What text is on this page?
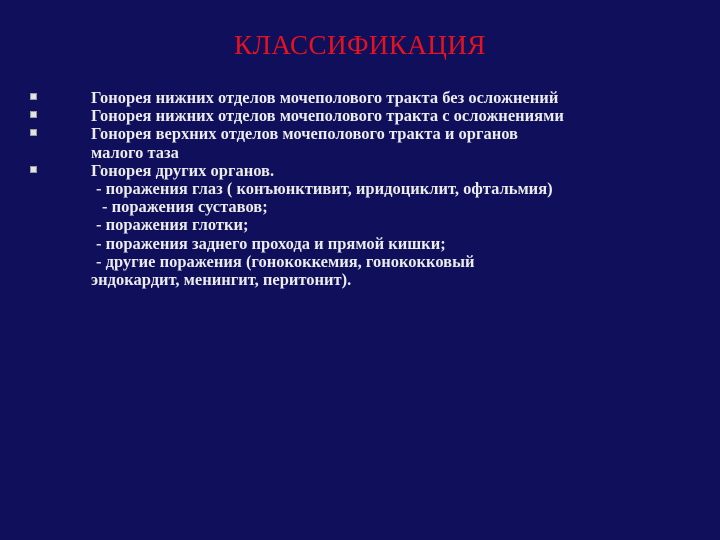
КЛАССИФИКАЦИЯ
Гонорея нижних отделов мочеполового тракта без осложнений
Гонорея нижних отделов мочеполового тракта с осложнениями
Гонорея верхних отделов мочеполового тракта и органов
малого таза
Гонорея других органов.
- поражения глаз ( конъюнктивит, иридоциклит, офтальмия)
- поражения суставов;
- поражения глотки;
- поражения заднего прохода и прямой кишки;
- другие поражения (гонококкемия, гонококковый
эндокардит, менингит, перитонит).
